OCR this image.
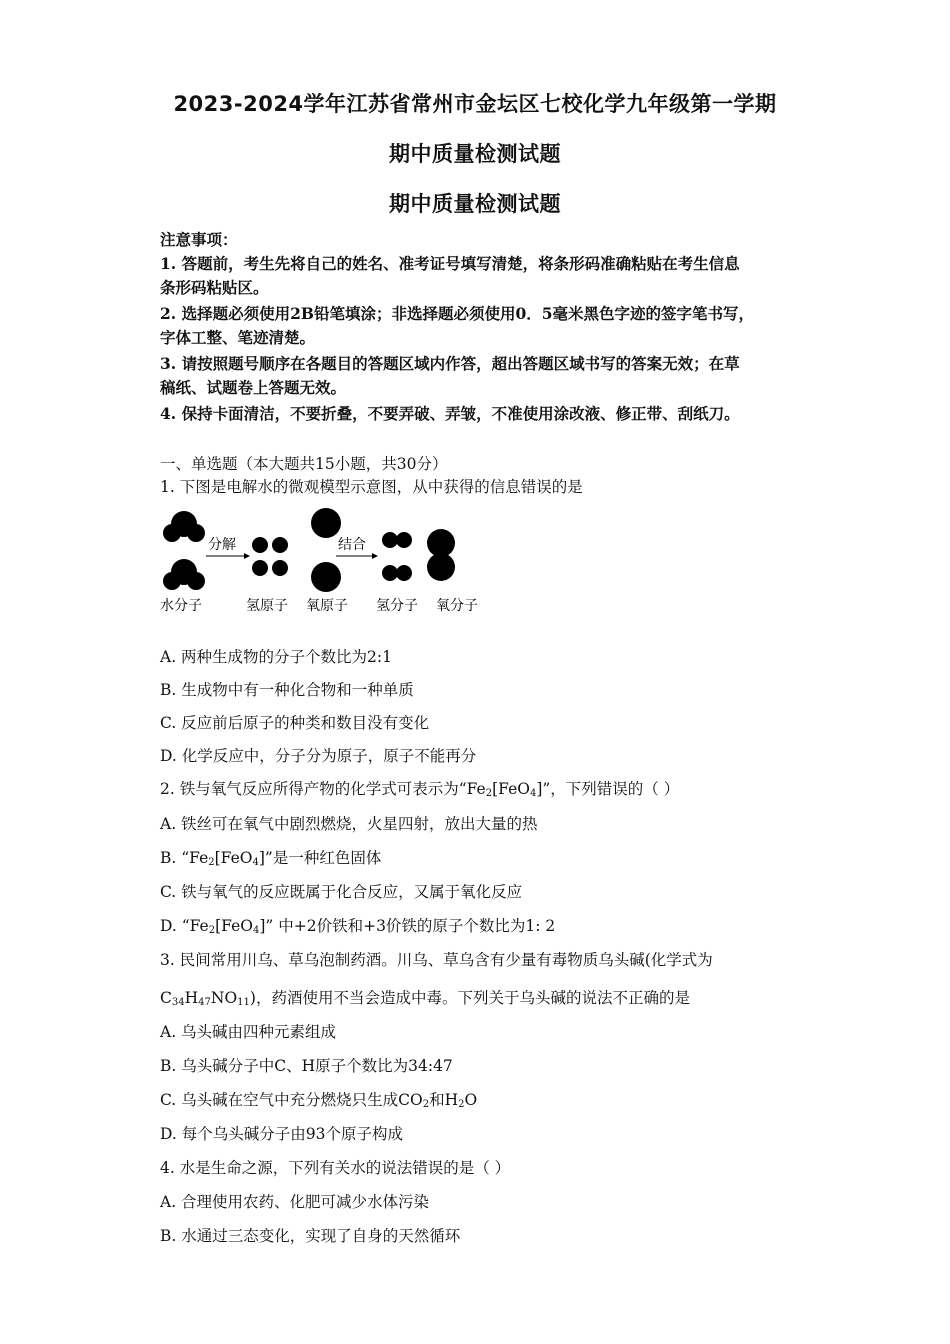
2023-2024学年江苏省常州市金坛区七校化学九年级第一学期
期中质量检测试题
期中质量检测试题
注意事项：
1. 答题前，考生先将自己的姓名、准考证号填写清楚，将条形码准确粘贴在考生信息
条形码粘贴区。
2. 选择题必须使用2B铅笔填涂；非选择题必须使用0．5毫米黑色字迹的签字笔书写，
字体工整、笔迹清楚。
3. 请按照题号顺序在各题目的答题区域内作答，超出答题区域书写的答案无效；在草
稿纸、试题卷上答题无效。
4. 保持卡面清洁，不要折叠，不要弄破、弄皱，不准使用涂改液、修正带、刮纸刀。
一、单选题（本大题共15小题，共30分）
1. 下图是电解水的微观模型示意图，从中获得的信息错误的是
分解	结合
水分子	氢原子 氧原子 氢分子 氧分子
A. 两种生成物的分子个数比为2:1
B. 生成物中有一种化合物和一种单质
C. 反应前后原子的种类和数目没有变化
D. 化学反应中，分子分为原子，原子不能再分
2. 铁与氧气反应所得产物的化学式可表示为“$Fe_2[FeO_4]$”，下列错误的（ ）
A. 铁丝可在氧气中剧烈燃烧，火星四射，放出大量的热
B. “$Fe_2[FeO_4]$”是一种红色固体
C. 铁与氧气的反应既属于化合反应，又属于氧化反应
D. “$Fe_2[FeO_4]$” 中+2价铁和+3价铁的原子个数比为1: 2
3. 民间常用川乌、草乌泡制药酒。川乌、草乌含有少量有毒物质乌头碱(化学式为
$C_{34}H_{47}NO_{11}$)，药酒使用不当会造成中毒。下列关于乌头碱的说法不正确的是
A. 乌头碱由四种元素组成
B. 乌头碱分子中C、H原子个数比为34:47
C. 乌头碱在空气中充分燃烧只生成$CO_2$和$H_2O$
D. 每个乌头碱分子由93个原子构成
4. 水是生命之源，下列有关水的说法错误的是（ ）
A. 合理使用农药、化肥可减少水体污染
B. 水通过三态变化，实现了自身的天然循环
